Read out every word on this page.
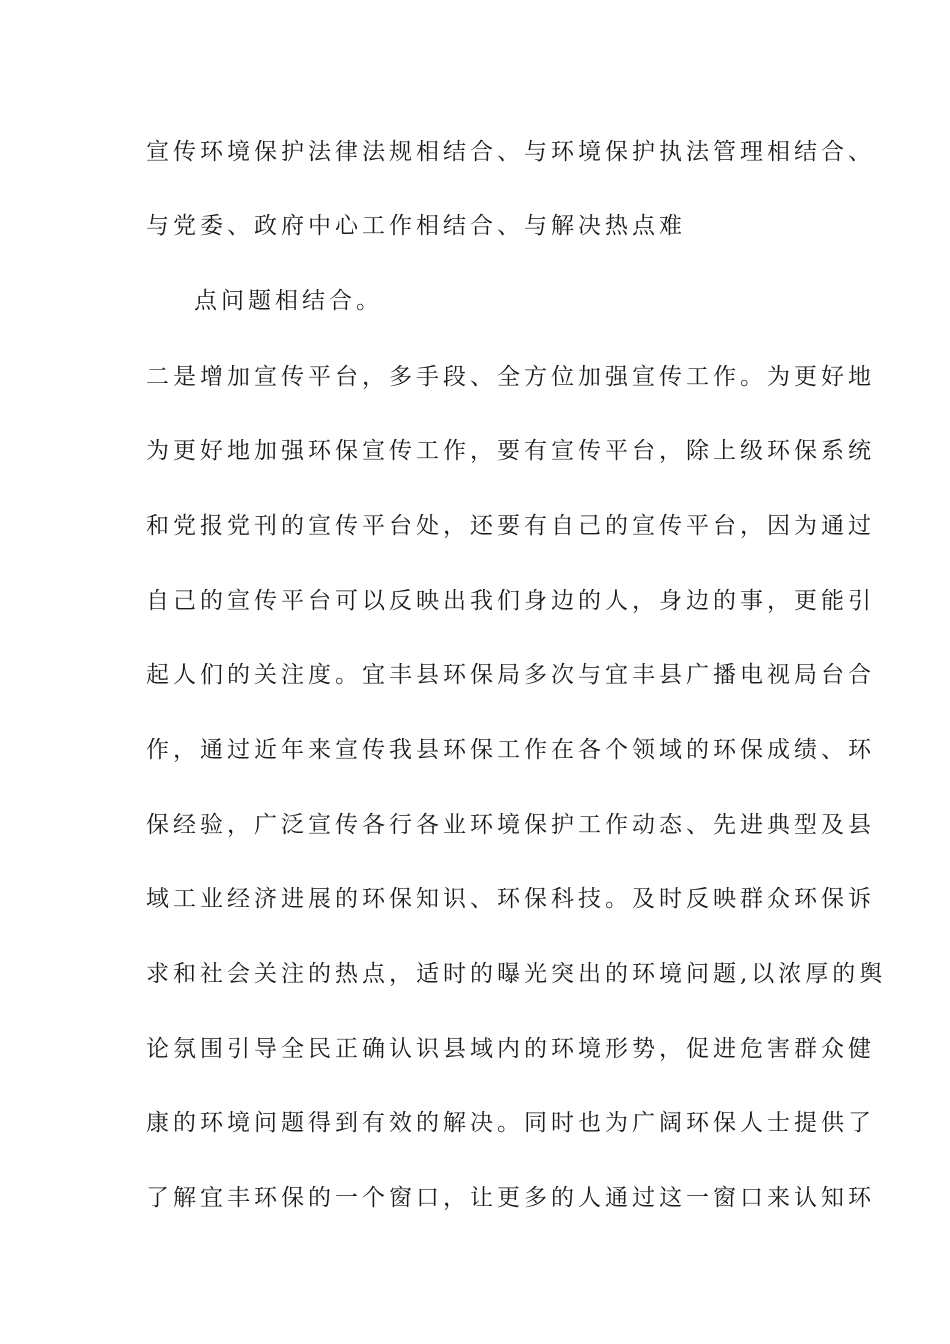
宣传环境保护法律法规相结合、与环境保护执法管理相结合、
与党委、政府中心工作相结合、与解决热点难
点问题相结合。
二是增加宣传平台，多手段、全方位加强宣传工作。为更好地
为更好地加强环保宣传工作，要有宣传平台，除上级环保系统
和党报党刊的宣传平台处，还要有自己的宣传平台，因为通过
自己的宣传平台可以反映出我们身边的人，身边的事，更能引
起人们的关注度。宜丰县环保局多次与宜丰县广播电视局台合
作，通过近年来宣传我县环保工作在各个领域的环保成绩、环
保经验，广泛宣传各行各业环境保护工作动态、先进典型及县
域工业经济进展的环保知识、环保科技。及时反映群众环保诉
求和社会关注的热点，适时的曝光突出的环境问题,以浓厚的舆
论氛围引导全民正确认识县域内的环境形势，促进危害群众健
康的环境问题得到有效的解决。同时也为广阔环保人士提供了
了解宜丰环保的一个窗口，让更多的人通过这一窗口来认知环
